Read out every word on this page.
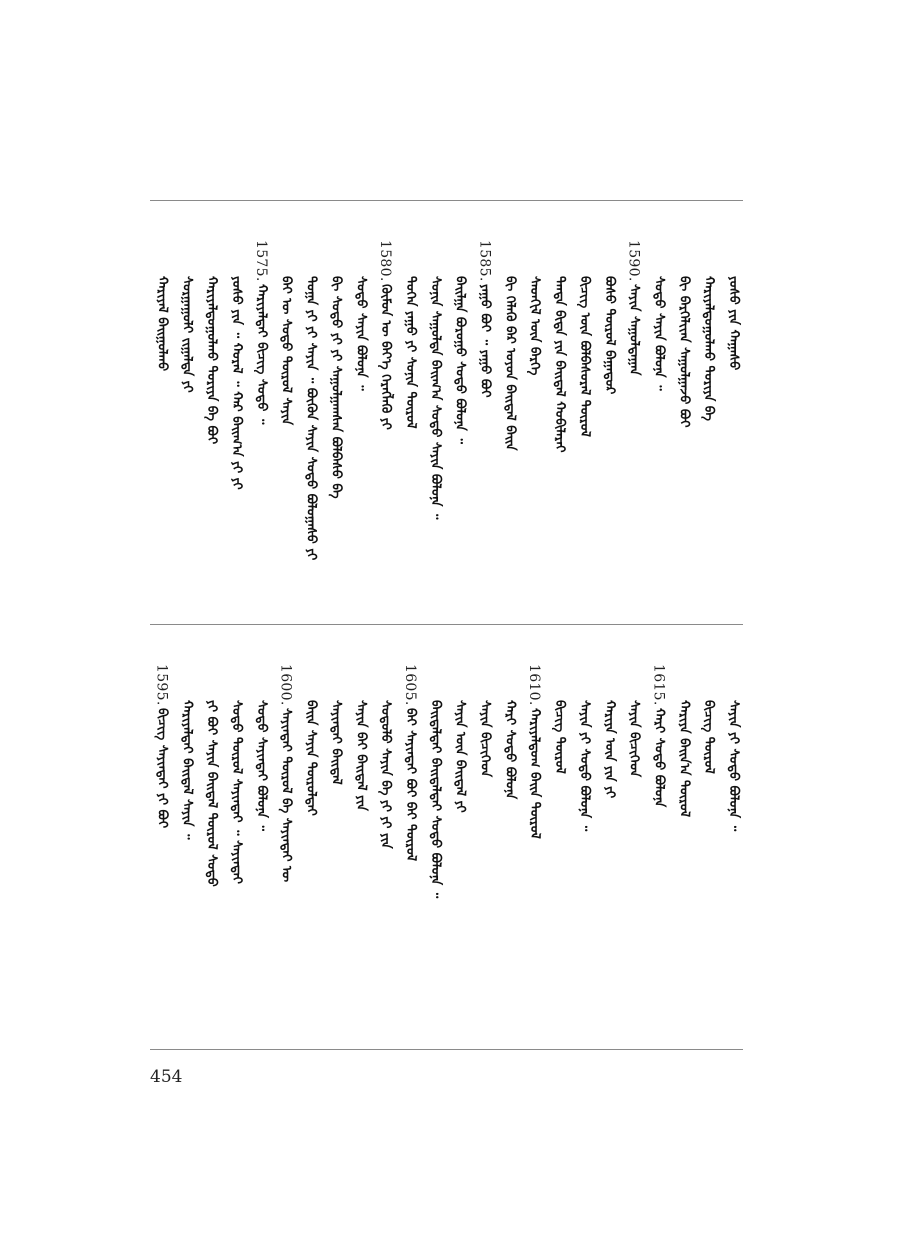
ᠶᠤᠰᠤ ᠶᠢᠨ ᠬᠠᠭᠠᠰᠤ
ᠬᠠᠷᠢᠶᠠᠯᠳᠤᠭᠤᠯᠬᠤ ᠲᠤᠷᠢᠶᠠ ᠪᠠ
ᠪᠢ ᠪᠡᠷᠭᠡᠯᠢᠶ᠋ᠡᠨ ᠰᠠᠭᠤᠯᠭᠠᠵᠤ ᠪᠤᠢ
ᠰᠤᠳᠤ ᠰᠠᠶᠢᠨ ᠪᠤᠯᠤᠨᠠ ᠃
1590.
ᠰᠠᠶᠢᠨ ᠰᠠᠭᠤᠯᠳᠠᠭᠠᠨ
ᠪᠤᠰᠤ ᠲᠦᠷᠦᠯ ᠪᠠᠭᠠᠳᠤᠷ
ᠪᠢᠴᠢᠭ ᠦᠨ ᠪᠣᠯᠪᠠᠰᠤᠷᠠᠯ ᠲᠦᠷᠦᠯ
ᠲᠠᠨᠳᠠ ᠪᠢᠳᠡ ᠶᠢᠨ ᠪᠠᠢᠳᠠᠯ ᠬᠤᠪᠢᠯᠠᠷᠠᠢ
ᠰᠡᠳᠬᠢᠯ ᠦᠨ ᠪᠡᠷᠬᠡ
ᠪᠢ ᠬᠡᠯᠡᠬᠦ ᠪᠡᠷ ᠤᠶᠤᠨ ᠪᠠᠢᠳᠠᠯ ᠪᠠᠢᠨ
1585.
ᠶᠠᠭᠤ ᠪᠤᠢ ᠃ ᠶᠠᠭᠤ ᠪᠤᠢ
ᠪᠠᠢᠯᠭᠠ ᠪᠤᠷᠤᠭᠤ ᠰᠤᠳᠤ ᠪᠤᠯᠤᠨᠠ ᠃
ᠰᠣᠨᠢᠨ ᠰᠠᠭᠤᠯᠲᠠ ᠪᠠᠢᠭ᠎ᠠ ᠰᠤᠳᠤ ᠰᠠᠶᠢᠨ ᠪᠤᠯᠤᠨᠠ ᠃
ᠲᠣᠭᠡᠨ ᠶᠠᠭᠤ ᠶᠢ ᠰᠣᠨᠢᠨ ᠲᠦᠷᠦᠯ
1580.
ᠬᠦᠮᠦᠨ ᠦ ᠪᠡᠶ᠎ᠡ ᠬᠡᠷᠡᠭᠯᠡᠬᠦ ᠶᠢ
ᠰᠤᠳᠤ ᠰᠠᠶᠢᠨ ᠪᠤᠯᠤᠨᠠ ᠃
ᠪᠢ ᠰᠤᠳᠤ ᠶᠢ ᠶᠢ ᠰᠠᠭᠤᠯᠭᠠᠭᠰᠠᠨ ᠪᠣᠯᠪᠠᠰᠤ ᠪᠠ
ᠲᠣᠭᠠ ᠶᠢ ᠶᠢ ᠰᠠᠶᠢᠨ ᠃ ᠪᠦᠬᠦᠨ ᠰᠠᠶᠢᠨ ᠰᠤᠳᠤ ᠪᠤᠯᠤᠭᠠᠰᠤ ᠶᠢ
ᠪᠠᠢ ᠦ ᠰᠤᠳᠤ ᠲᠦᠷᠦᠯ ᠰᠠᠶᠢᠨ
1575.
ᠬᠠᠷᠢᠶᠠᠯᠲᠠᠢ ᠪᠢᠴᠢᠭ ᠰᠤᠳᠤ ᠃
ᠶᠤᠰᠤ ᠶᠢᠨ ᠃ ᠬᠤᠷᠠᠯ ᠃ ᠬᠠᠷ ᠪᠠᠢᠭ᠎ᠠ ᠶᠢ ᠶᠢ
ᠬᠠᠷᠢᠶᠠᠯᠳᠤᠭᠤᠯᠬᠤ ᠲᠤᠷᠢᠶᠠ ᠪᠠ ᠪᠤᠢ
ᠰᠤᠷᠭᠠᠭᠤᠯᠢ ᠵᠢᠭᠠᠯᠲᠠ ᠶᠢ
ᠬᠠᠷᠢᠶᠠᠯ ᠪᠠᠢᠭᠤᠯᠬᠤ
ᠰᠠᠶᠢᠨ ᠶᠢ ᠰᠤᠳᠤ ᠪᠤᠯᠤᠨᠠ ᠃
ᠪᠢᠴᠢᠭ ᠲᠦᠷᠦᠯ
ᠬᠠᠷᠢᠶᠠ ᠪᠠᠢᠨ᠎ᠠ ᠲᠦᠷᠦᠯ
1615.
ᠬᠠᠷᠢ ᠰᠤᠳᠤ ᠪᠤᠯᠤᠨᠠ
ᠰᠠᠶᠢᠨ ᠪᠢᠴᠢᠭᠡᠳ
ᠬᠠᠷᠢᠶᠠ ᠦᠨ ᠶᠢᠨ ᠶᠢ
ᠰᠠᠶᠢᠨ ᠶᠢ ᠰᠤᠳᠤ ᠪᠤᠯᠤᠨᠠ ᠃
ᠪᠢᠴᠢᠭ ᠲᠦᠷᠦᠯ
1610.
ᠬᠠᠷᠢᠶᠠᠯᠳᠤᠭ ᠪᠠᠢᠨ ᠲᠦᠷᠦᠯ
ᠬᠠᠷᠢ ᠰᠤᠳᠤ ᠪᠤᠯᠤᠨᠠ
ᠰᠠᠶᠢᠨ ᠪᠢᠴᠢᠭᠡᠳ
ᠰᠠᠶᠢᠨ ᠦᠨ ᠪᠠᠢᠳᠠᠯ ᠶᠢ
ᠪᠠᠢᠳᠠᠯᠲᠠᠢ ᠪᠠᠢᠳᠠᠯᠲᠠᠢ ᠰᠤᠳᠤ ᠪᠤᠯᠤᠨᠠ ᠃
1605.
ᠪᠠᠢ ᠰᠠᠶᠢᠨᠲᠠᠢ ᠪᠤᠢ ᠪᠠᠢ ᠲᠦᠷᠦᠯ
ᠰᠤᠳᠤᠯᠤ ᠰᠠᠶᠢᠨ ᠪᠠ ᠶᠢ ᠶᠢ ᠶᠢᠨ
ᠰᠠᠶᠢᠨ ᠪᠠᠢ ᠪᠠᠢᠳᠠᠯ ᠶᠢᠨ
ᠰᠠᠶᠢᠨᠲᠠᠢ ᠪᠠᠢᠳᠠᠯ
ᠪᠠᠢᠨ ᠰᠠᠶᠢᠨ ᠲᠦᠷᠦᠯᠲᠠᠢ
1600.
ᠰᠠᠶᠢᠨᠲᠠᠢ ᠲᠦᠷᠦᠯ ᠪᠠ ᠰᠠᠶᠢᠨᠲᠠᠢ ᠦ
ᠰᠤᠳᠤ ᠰᠠᠶᠢᠨᠲᠠᠢ ᠪᠤᠯᠤᠨᠠ ᠃
ᠰᠤᠳᠤ ᠲᠦᠷᠦᠯ ᠰᠠᠶᠢᠨᠲᠠᠢ ᠃ ᠰᠠᠶᠢᠨᠲᠠᠢ
ᠶᠢ ᠪᠤᠢ ᠰᠠᠶᠢᠨ ᠪᠠᠢᠳᠠᠯ ᠲᠦᠷᠦᠯ ᠰᠤᠳᠤ
ᠬᠠᠷᠢᠶᠠᠯᠲᠠᠢ ᠪᠠᠢᠳᠠᠯ ᠰᠠᠶᠢᠨ ᠃
1595.
ᠪᠢᠴᠢᠭ ᠰᠠᠶᠢᠨᠲᠠᠢ ᠶᠢ ᠪᠤᠢ
454
